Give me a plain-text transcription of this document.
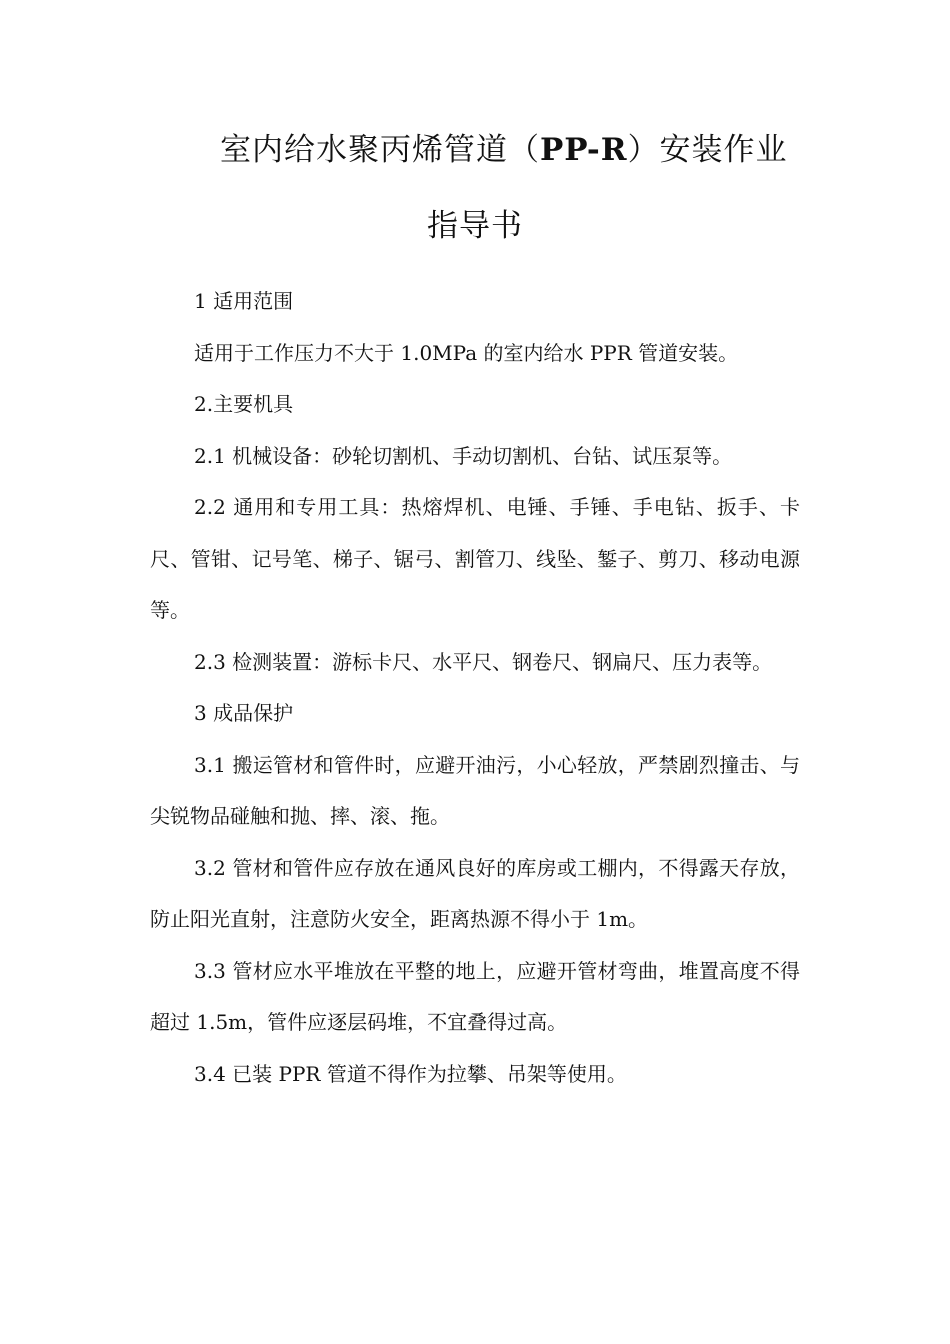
室内给水聚丙烯管道（PP-R）安装作业
指导书

1 适用范围

适用于工作压力不大于 1.0MPa 的室内给水 PPR 管道安装。

2.主要机具

2.1 机械设备：砂轮切割机、手动切割机、台钻、试压泵等。

2.2 通用和专用工具：热熔焊机、电锤、手锤、手电钻、扳手、卡尺、管钳、记号笔、梯子、锯弓、割管刀、线坠、錾子、剪刀、移动电源等。

2.3 检测装置：游标卡尺、水平尺、钢卷尺、钢扁尺、压力表等。

3 成品保护

3.1 搬运管材和管件时，应避开油污，小心轻放，严禁剧烈撞击、与尖锐物品碰触和抛、摔、滚、拖。

3.2 管材和管件应存放在通风良好的库房或工棚内，不得露天存放，防止阳光直射，注意防火安全，距离热源不得小于 1m。

3.3 管材应水平堆放在平整的地上，应避开管材弯曲，堆置高度不得超过 1.5m，管件应逐层码堆，不宜叠得过高。

3.4 已装 PPR 管道不得作为拉攀、吊架等使用。
